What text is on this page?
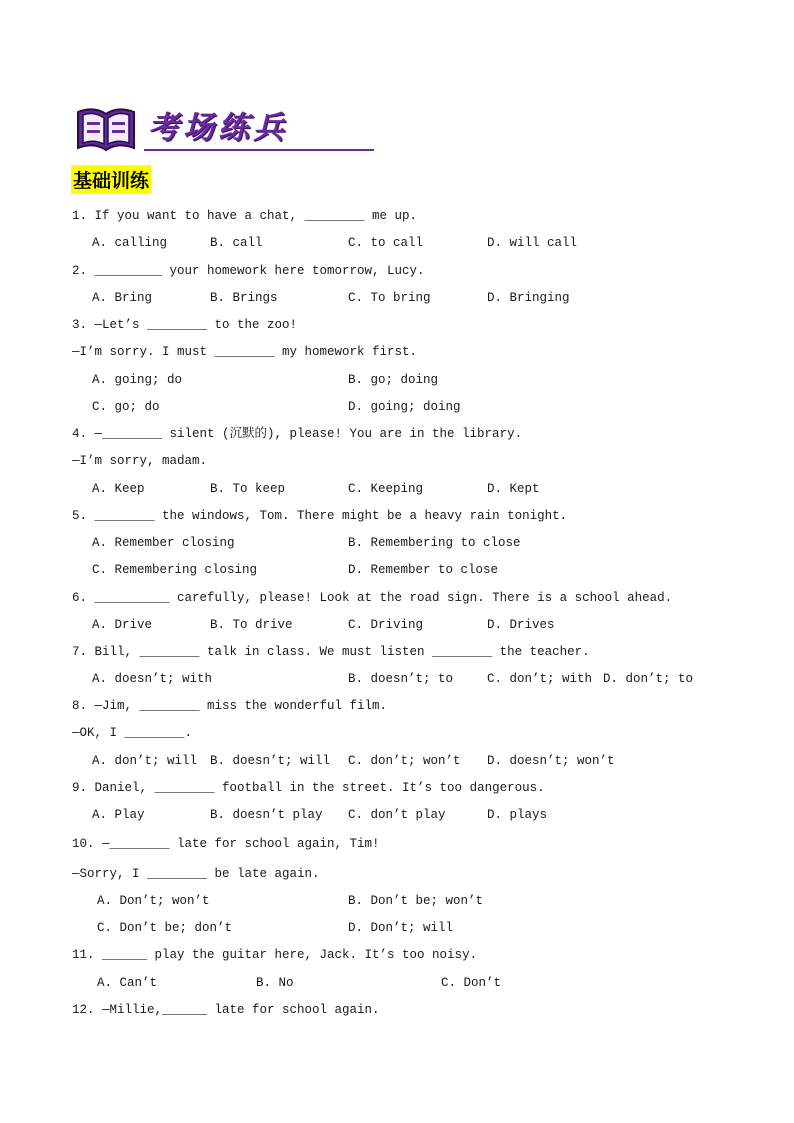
考场练兵
基础训练
1. If you want to have a chat, ________ me up.
A. calling	B. call	C. to call	D. will call
2. _________ your homework here tomorrow, Lucy.
A. Bring	B. Brings	C. To bring	D. Bringing
3. —Let’s ________ to the zoo!
—I’m sorry. I must ________ my homework first.
A. going; do	B. go; doing
C. go; do	D. going; doing
4. —________ silent (沉默的), please! You are in the library.
—I’m sorry, madam.
A. Keep	B. To keep	C. Keeping	D. Kept
5. ________ the windows, Tom. There might be a heavy rain tonight.
A. Remember closing	B. Remembering to close
C. Remembering closing	D. Remember to close
6. __________ carefully, please! Look at the road sign. There is a school ahead.
A. Drive	B. To drive	C. Driving	D. Drives
7. Bill, ________ talk in class. We must listen ________ the teacher.
A. doesn’t; with	B. doesn’t; to	C. don’t; with D. don’t; to
8. —Jim, ________ miss the wonderful film.
—OK, I ________.
A. don’t; will B. doesn’t; will C. don’t; won’t D. doesn’t; won’t
9. Daniel, ________ football in the street. It’s too dangerous.
A. Play	B. doesn’t play C. don’t play	D. plays
10. —________ late for school again, Tim!
—Sorry, I ________ be late again.
A. Don’t; won’t	B. Don’t be; won’t
C. Don’t be; don’t	D. Don’t; will
11. ______ play the guitar here, Jack. It’s too noisy.
A. Can’t	B. No	C. Don’t
12. —Millie,______ late for school again.
